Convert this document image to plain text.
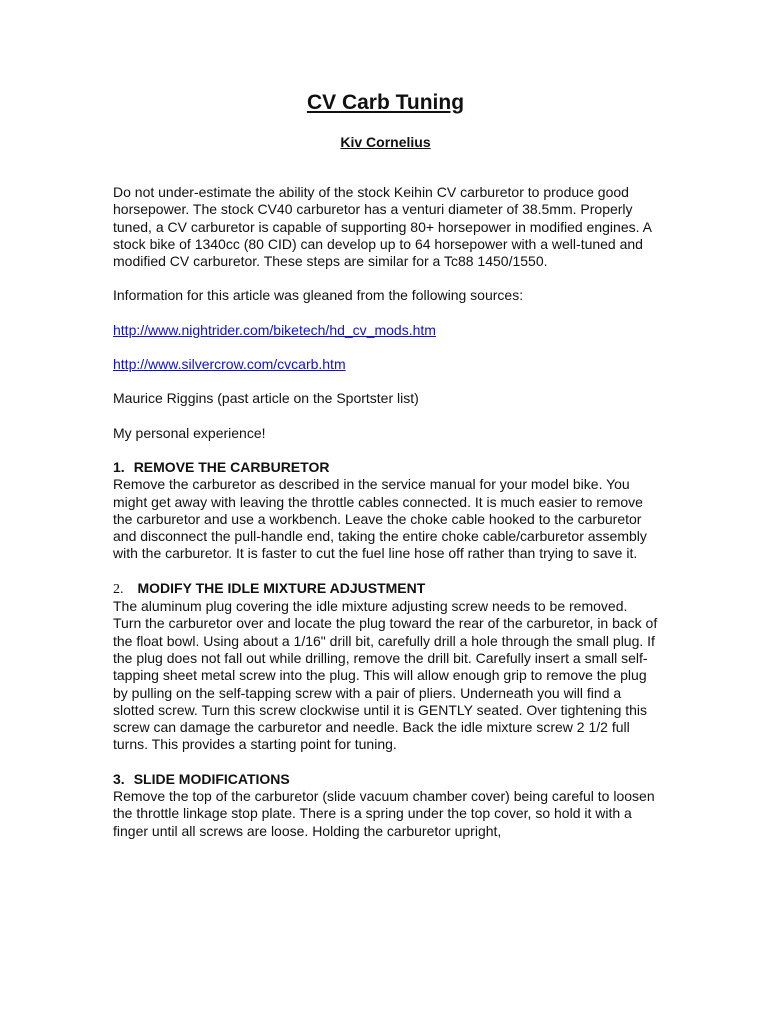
CV Carb Tuning
Kiv Cornelius

Do not under-estimate the ability of the stock Keihin CV carburetor to produce good horsepower. The stock CV40 carburetor has a venturi diameter of 38.5mm. Properly tuned, a CV carburetor is capable of supporting 80+ horsepower in modified engines. A stock bike of 1340cc (80 CID) can develop up to 64 horsepower with a well-tuned and modified CV carburetor. These steps are similar for a Tc88 1450/1550.

Information for this article was gleaned from the following sources:

http://www.nightrider.com/biketech/hd_cv_mods.htm

http://www.silvercrow.com/cvcarb.htm

Maurice Riggins (past article on the Sportster list)

My personal experience!

1. REMOVE THE CARBURETOR

Remove the carburetor as described in the service manual for your model bike. You might get away with leaving the throttle cables connected. It is much easier to remove the carburetor and use a workbench. Leave the choke cable hooked to the carburetor and disconnect the pull-handle end, taking the entire choke cable/carburetor assembly with the carburetor. It is faster to cut the fuel line hose off rather than trying to save it.

2. MODIFY THE IDLE MIXTURE ADJUSTMENT

The aluminum plug covering the idle mixture adjusting screw needs to be removed. Turn the carburetor over and locate the plug toward the rear of the carburetor, in back of the float bowl. Using about a 1/16" drill bit, carefully drill a hole through the small plug. If the plug does not fall out while drilling, remove the drill bit. Carefully insert a small self-tapping sheet metal screw into the plug. This will allow enough grip to remove the plug by pulling on the self-tapping screw with a pair of pliers. Underneath you will find a slotted screw. Turn this screw clockwise until it is GENTLY seated. Over tightening this screw can damage the carburetor and needle. Back the idle mixture screw 2 1/2 full turns. This provides a starting point for tuning.

3. SLIDE MODIFICATIONS

Remove the top of the carburetor (slide vacuum chamber cover) being careful to loosen the throttle linkage stop plate. There is a spring under the top cover, so hold it with a finger until all screws are loose. Holding the carburetor upright,
